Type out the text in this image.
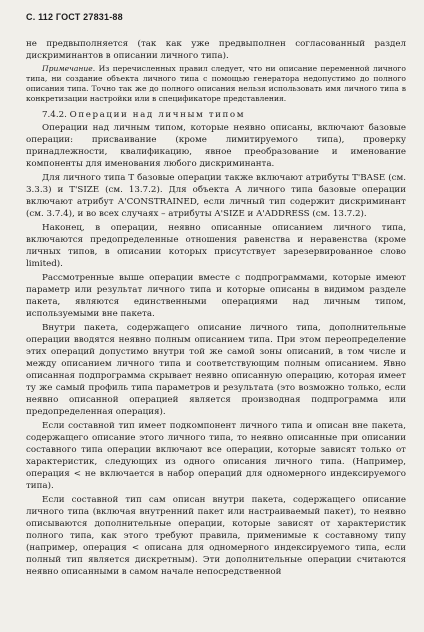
С. 112 ГОСТ 27831-88

не предвыполняется (так как уже предвыполнен согласованный раздел дискриминантов в описании личного типа).

Примечание. Из перечисленных правил следует, что ни описание переменной личного типа, ни создание объекта личного типа с помощью генератора недопустимо до полного описания типа. Точно так же до полного описания нельзя использовать имя личного типа в конкретизации настройки или в спецификаторе представления.

7.4.2. Операции над личным типом

Операции над личным типом, которые неявно описаны, включают базовые операции: присваивание (кроме лимитируемого типа), проверку принадлежности, квалификацию, явное преобразование и именование компоненты для именования любого дискриминанта.

Для личного типа T базовые операции также включают атрибуты T'BASE (см. 3.3.3) и T'SIZE (см. 13.7.2). Для объекта A личного типа базовые операции включают атрибут A'CONSTRAINED, если личный тип содержит дискриминант (см. 3.7.4), и во всех случаях – атрибуты A'SIZE и A'ADDRESS (см. 13.7.2).

Наконец, в операции, неявно описанные описанием личного типа, включаются предопределенные отношения равенства и неравенства (кроме личных типов, в описании которых присутствует зарезервированное слово limited).

Рассмотренные выше операции вместе с подпрограммами, которые имеют параметр или результат личного типа и которые описаны в видимом разделе пакета, являются единственными операциями над личным типом, используемыми вне пакета.

Внутри пакета, содержащего описание личного типа, дополнительные операции вводятся неявно полным описанием типа. При этом переопределение этих операций допустимо внутри той же самой зоны описаний, в том числе и между описанием личного типа и соответствующим полным описанием. Явно описанная подпрограмма скрывает неявно описанную операцию, которая имеет ту же самый профиль типа параметров и результата (это возможно только, если неявно описанной операцией является производная подпрограмма или предопределенная операция).

Если составной тип имеет подкомпонент личного типа и описан вне пакета, содержащего описание этого личного типа, то неявно описанные при описании составного типа операции включают все операции, которые зависят только от характеристик, следующих из одного описания личного типа. (Например, операция < не включается в набор операций для одномерного индексируемого типа).

Если составной тип сам описан внутри пакета, содержащего описание личного типа (включая внутренний пакет или настраиваемый пакет), то неявно описываются дополнительные операции, которые зависят от характеристик полного типа, как этого требуют правила, применимые к составному типу (например, операция < описана для одномерного индексируемого типа, если полный тип является дискретным). Эти дополнительные операции считаются неявно описанными в самом начале непосредственной
